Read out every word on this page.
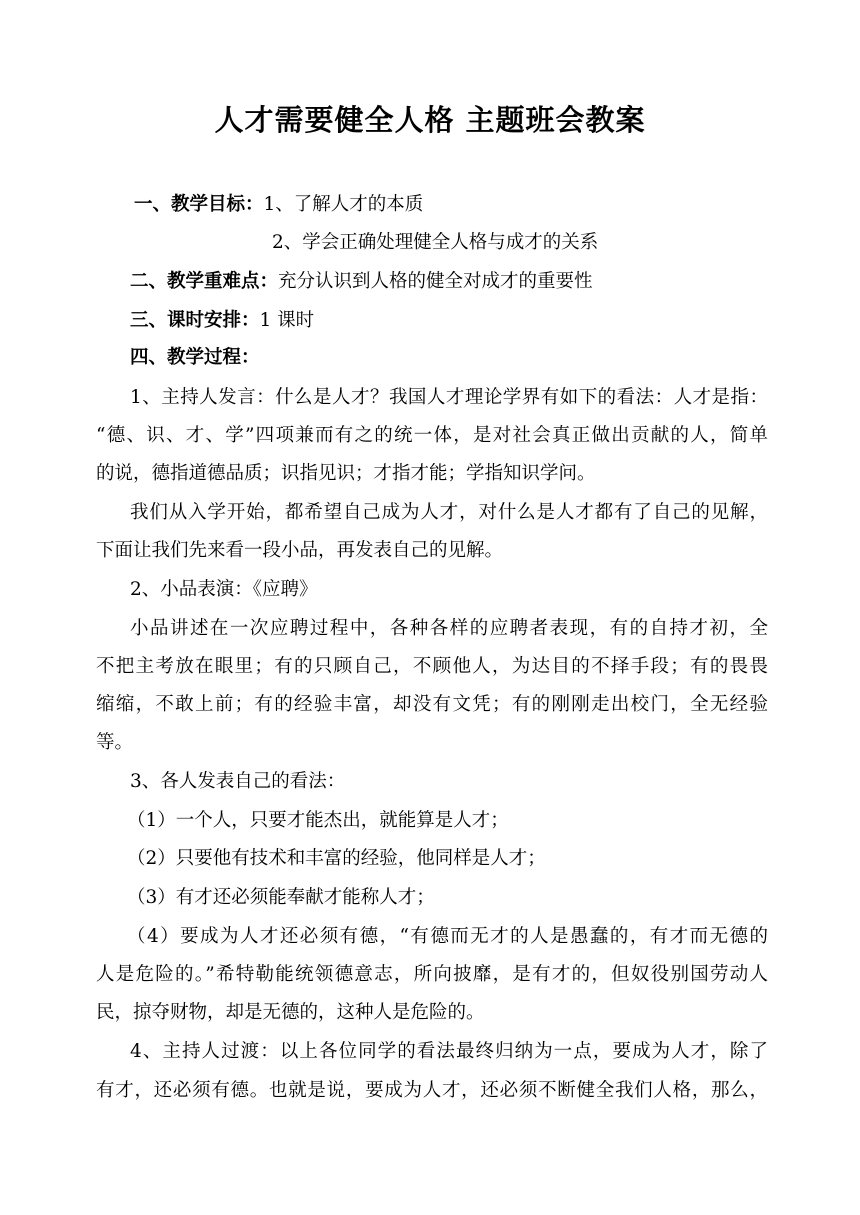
人才需要健全人格 主题班会教案
一、教学目标：1、了解人才的本质
2、学会正确处理健全人格与成才的关系
二、教学重难点：充分认识到人格的健全对成才的重要性
三、课时安排：1 课时
四、教学过程：
1、主持人发言：什么是人才？我国人才理论学界有如下的看法：人才是指：
“德、识、才、学”四项兼而有之的统一体，是对社会真正做出贡献的人，简单
的说，德指道德品质；识指见识；才指才能；学指知识学问。
我们从入学开始，都希望自己成为人才，对什么是人才都有了自己的见解，
下面让我们先来看一段小品，再发表自己的见解。
2、小品表演：《应聘》
小品讲述在一次应聘过程中，各种各样的应聘者表现，有的自持才初，全
不把主考放在眼里；有的只顾自己，不顾他人，为达目的不择手段；有的畏畏
缩缩，不敢上前；有的经验丰富，却没有文凭；有的刚刚走出校门，全无经验
等。
3、各人发表自己的看法：
（1）一个人，只要才能杰出，就能算是人才；
（2）只要他有技术和丰富的经验，他同样是人才；
（3）有才还必须能奉献才能称人才；
（4）要成为人才还必须有德，“有德而无才的人是愚蠢的，有才而无德的
人是危险的。”希特勒能统领德意志，所向披靡，是有才的，但奴役别国劳动人
民，掠夺财物，却是无德的，这种人是危险的。
4、主持人过渡：以上各位同学的看法最终归纳为一点，要成为人才，除了
有才，还必须有德。也就是说，要成为人才，还必须不断健全我们人格，那么，
